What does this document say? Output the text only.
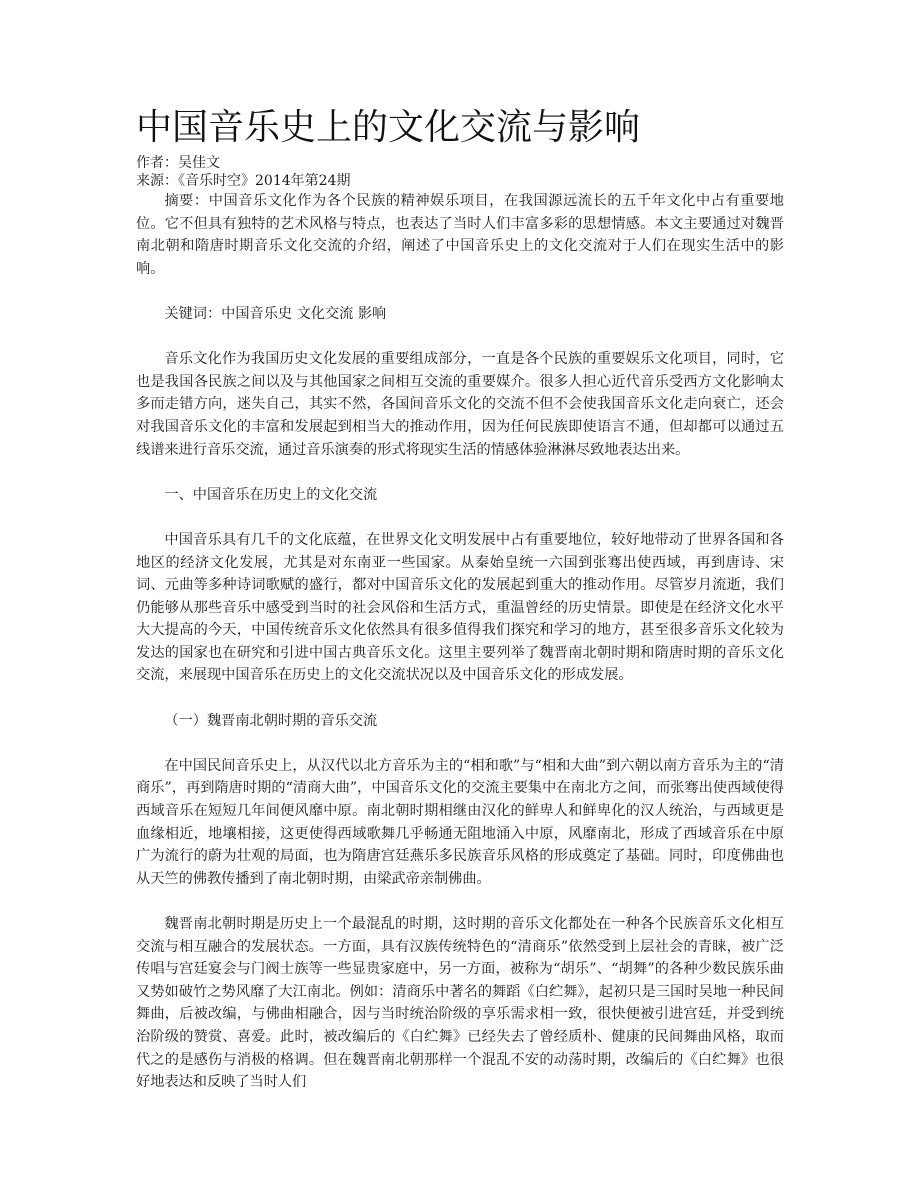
中国音乐史上的文化交流与影响

作者：吴佳文

来源：《音乐时空》2014年第24期

摘要：中国音乐文化作为各个民族的精神娱乐项目，在我国源远流长的五千年文化中占有重要地位。它不但具有独特的艺术风格与特点，也表达了当时人们丰富多彩的思想情感。本文主要通过对魏晋南北朝和隋唐时期音乐文化交流的介绍，阐述了中国音乐史上的文化交流对于人们在现实生活中的影响。

关键词：中国音乐史 文化交流 影响

音乐文化作为我国历史文化发展的重要组成部分，一直是各个民族的重要娱乐文化项目，同时，它也是我国各民族之间以及与其他国家之间相互交流的重要媒介。很多人担心近代音乐受西方文化影响太多而走错方向，迷失自己，其实不然，各国间音乐文化的交流不但不会使我国音乐文化走向衰亡，还会对我国音乐文化的丰富和发展起到相当大的推动作用，因为任何民族即使语言不通，但却都可以通过五线谱来进行音乐交流，通过音乐演奏的形式将现实生活的情感体验淋淋尽致地表达出来。

一、中国音乐在历史上的文化交流

中国音乐具有几千的文化底蕴，在世界文化文明发展中占有重要地位，较好地带动了世界各国和各地区的经济文化发展，尤其是对东南亚一些国家。从秦始皇统一六国到张骞出使西域，再到唐诗、宋词、元曲等多种诗词歌赋的盛行，都对中国音乐文化的发展起到重大的推动作用。尽管岁月流逝，我们仍能够从那些音乐中感受到当时的社会风俗和生活方式，重温曾经的历史情景。即使是在经济文化水平大大提高的今天，中国传统音乐文化依然具有很多值得我们探究和学习的地方，甚至很多音乐文化较为发达的国家也在研究和引进中国古典音乐文化。这里主要列举了魏晋南北朝时期和隋唐时期的音乐文化交流，来展现中国音乐在历史上的文化交流状况以及中国音乐文化的形成发展。

（一）魏晋南北朝时期的音乐交流

在中国民间音乐史上，从汉代以北方音乐为主的“相和歌”与“相和大曲”到六朝以南方音乐为主的“清商乐”，再到隋唐时期的“清商大曲”，中国音乐文化的交流主要集中在南北方之间，而张骞出使西域使得西域音乐在短短几年间便风靡中原。南北朝时期相继由汉化的鲜卑人和鲜卑化的汉人统治，与西域更是血缘相近，地壤相接，这更使得西域歌舞几乎畅通无阻地涌入中原，风靡南北，形成了西域音乐在中原广为流行的蔚为壮观的局面，也为隋唐宫廷燕乐多民族音乐风格的形成奠定了基础。同时，印度佛曲也从天竺的佛教传播到了南北朝时期，由梁武帝亲制佛曲。

魏晋南北朝时期是历史上一个最混乱的时期，这时期的音乐文化都处在一种各个民族音乐文化相互交流与相互融合的发展状态。一方面，具有汉族传统特色的“清商乐”依然受到上层社会的青睐，被广泛传唱与宫廷宴会与门阀士族等一些显贵家庭中，另一方面，被称为“胡乐”、“胡舞”的各种少数民族乐曲又势如破竹之势风靡了大江南北。例如：清商乐中著名的舞蹈《白纻舞》，起初只是三国时吴地一种民间舞曲，后被改编，与佛曲相融合，因与当时统治阶级的享乐需求相一致，很快便被引进宫廷，并受到统治阶级的赞赏、喜爱。此时，被改编后的《白纻舞》已经失去了曾经质朴、健康的民间舞曲风格，取而代之的是感伤与消极的格调。但在魏晋南北朝那样一个混乱不安的动荡时期，改编后的《白纻舞》也很好地表达和反映了当时人们
